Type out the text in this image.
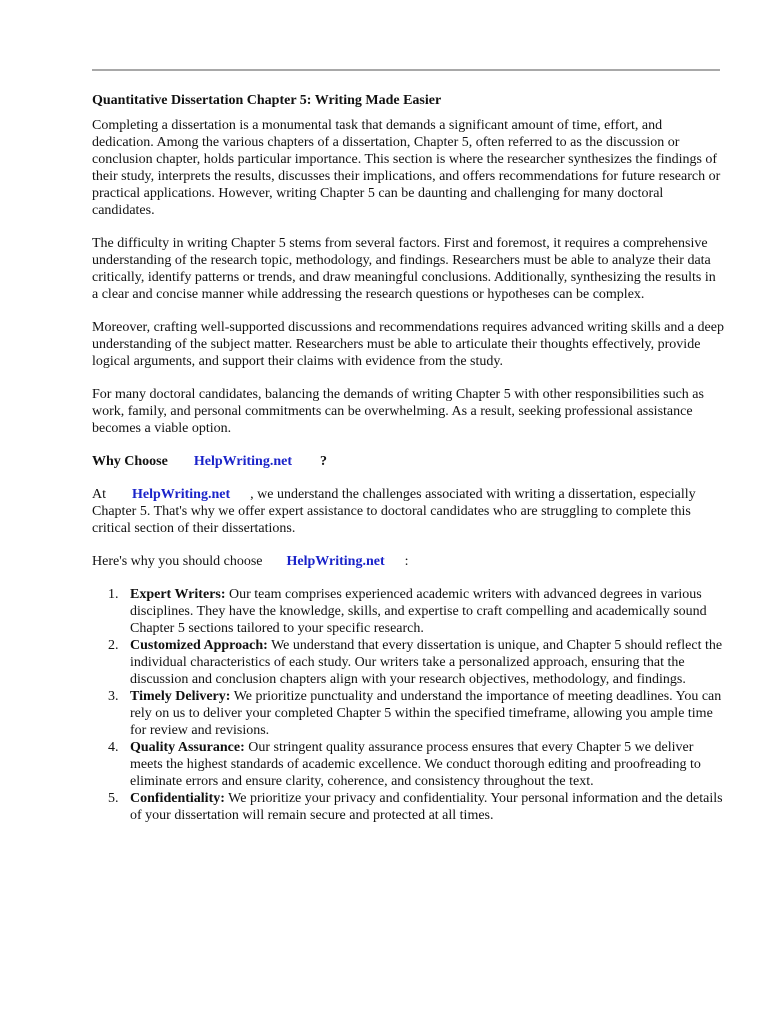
Quantitative Dissertation Chapter 5: Writing Made Easier

Completing a dissertation is a monumental task that demands a significant amount of time, effort, and dedication. Among the various chapters of a dissertation, Chapter 5, often referred to as the discussion or conclusion chapter, holds particular importance. This section is where the researcher synthesizes the findings of their study, interprets the results, discusses their implications, and offers recommendations for future research or practical applications. However, writing Chapter 5 can be daunting and challenging for many doctoral candidates.

The difficulty in writing Chapter 5 stems from several factors. First and foremost, it requires a comprehensive understanding of the research topic, methodology, and findings. Researchers must be able to analyze their data critically, identify patterns or trends, and draw meaningful conclusions. Additionally, synthesizing the results in a clear and concise manner while addressing the research questions or hypotheses can be complex.

Moreover, crafting well-supported discussions and recommendations requires advanced writing skills and a deep understanding of the subject matter. Researchers must be able to articulate their thoughts effectively, provide logical arguments, and support their claims with evidence from the study.

For many doctoral candidates, balancing the demands of writing Chapter 5 with other responsibilities such as work, family, and personal commitments can be overwhelming. As a result, seeking professional assistance becomes a viable option.

Why Choose HelpWriting.net ?

At HelpWriting.net , we understand the challenges associated with writing a dissertation, especially Chapter 5. That's why we offer expert assistance to doctoral candidates who are struggling to complete this critical section of their dissertations.

Here's why you should choose HelpWriting.net :

1. Expert Writers: Our team comprises experienced academic writers with advanced degrees in various disciplines. They have the knowledge, skills, and expertise to craft compelling and academically sound Chapter 5 sections tailored to your specific research.
2. Customized Approach: We understand that every dissertation is unique, and Chapter 5 should reflect the individual characteristics of each study. Our writers take a personalized approach, ensuring that the discussion and conclusion chapters align with your research objectives, methodology, and findings.
3. Timely Delivery: We prioritize punctuality and understand the importance of meeting deadlines. You can rely on us to deliver your completed Chapter 5 within the specified timeframe, allowing you ample time for review and revisions.
4. Quality Assurance: Our stringent quality assurance process ensures that every Chapter 5 we deliver meets the highest standards of academic excellence. We conduct thorough editing and proofreading to eliminate errors and ensure clarity, coherence, and consistency throughout the text.
5. Confidentiality: We prioritize your privacy and confidentiality. Your personal information and the details of your dissertation will remain secure and protected at all times.
